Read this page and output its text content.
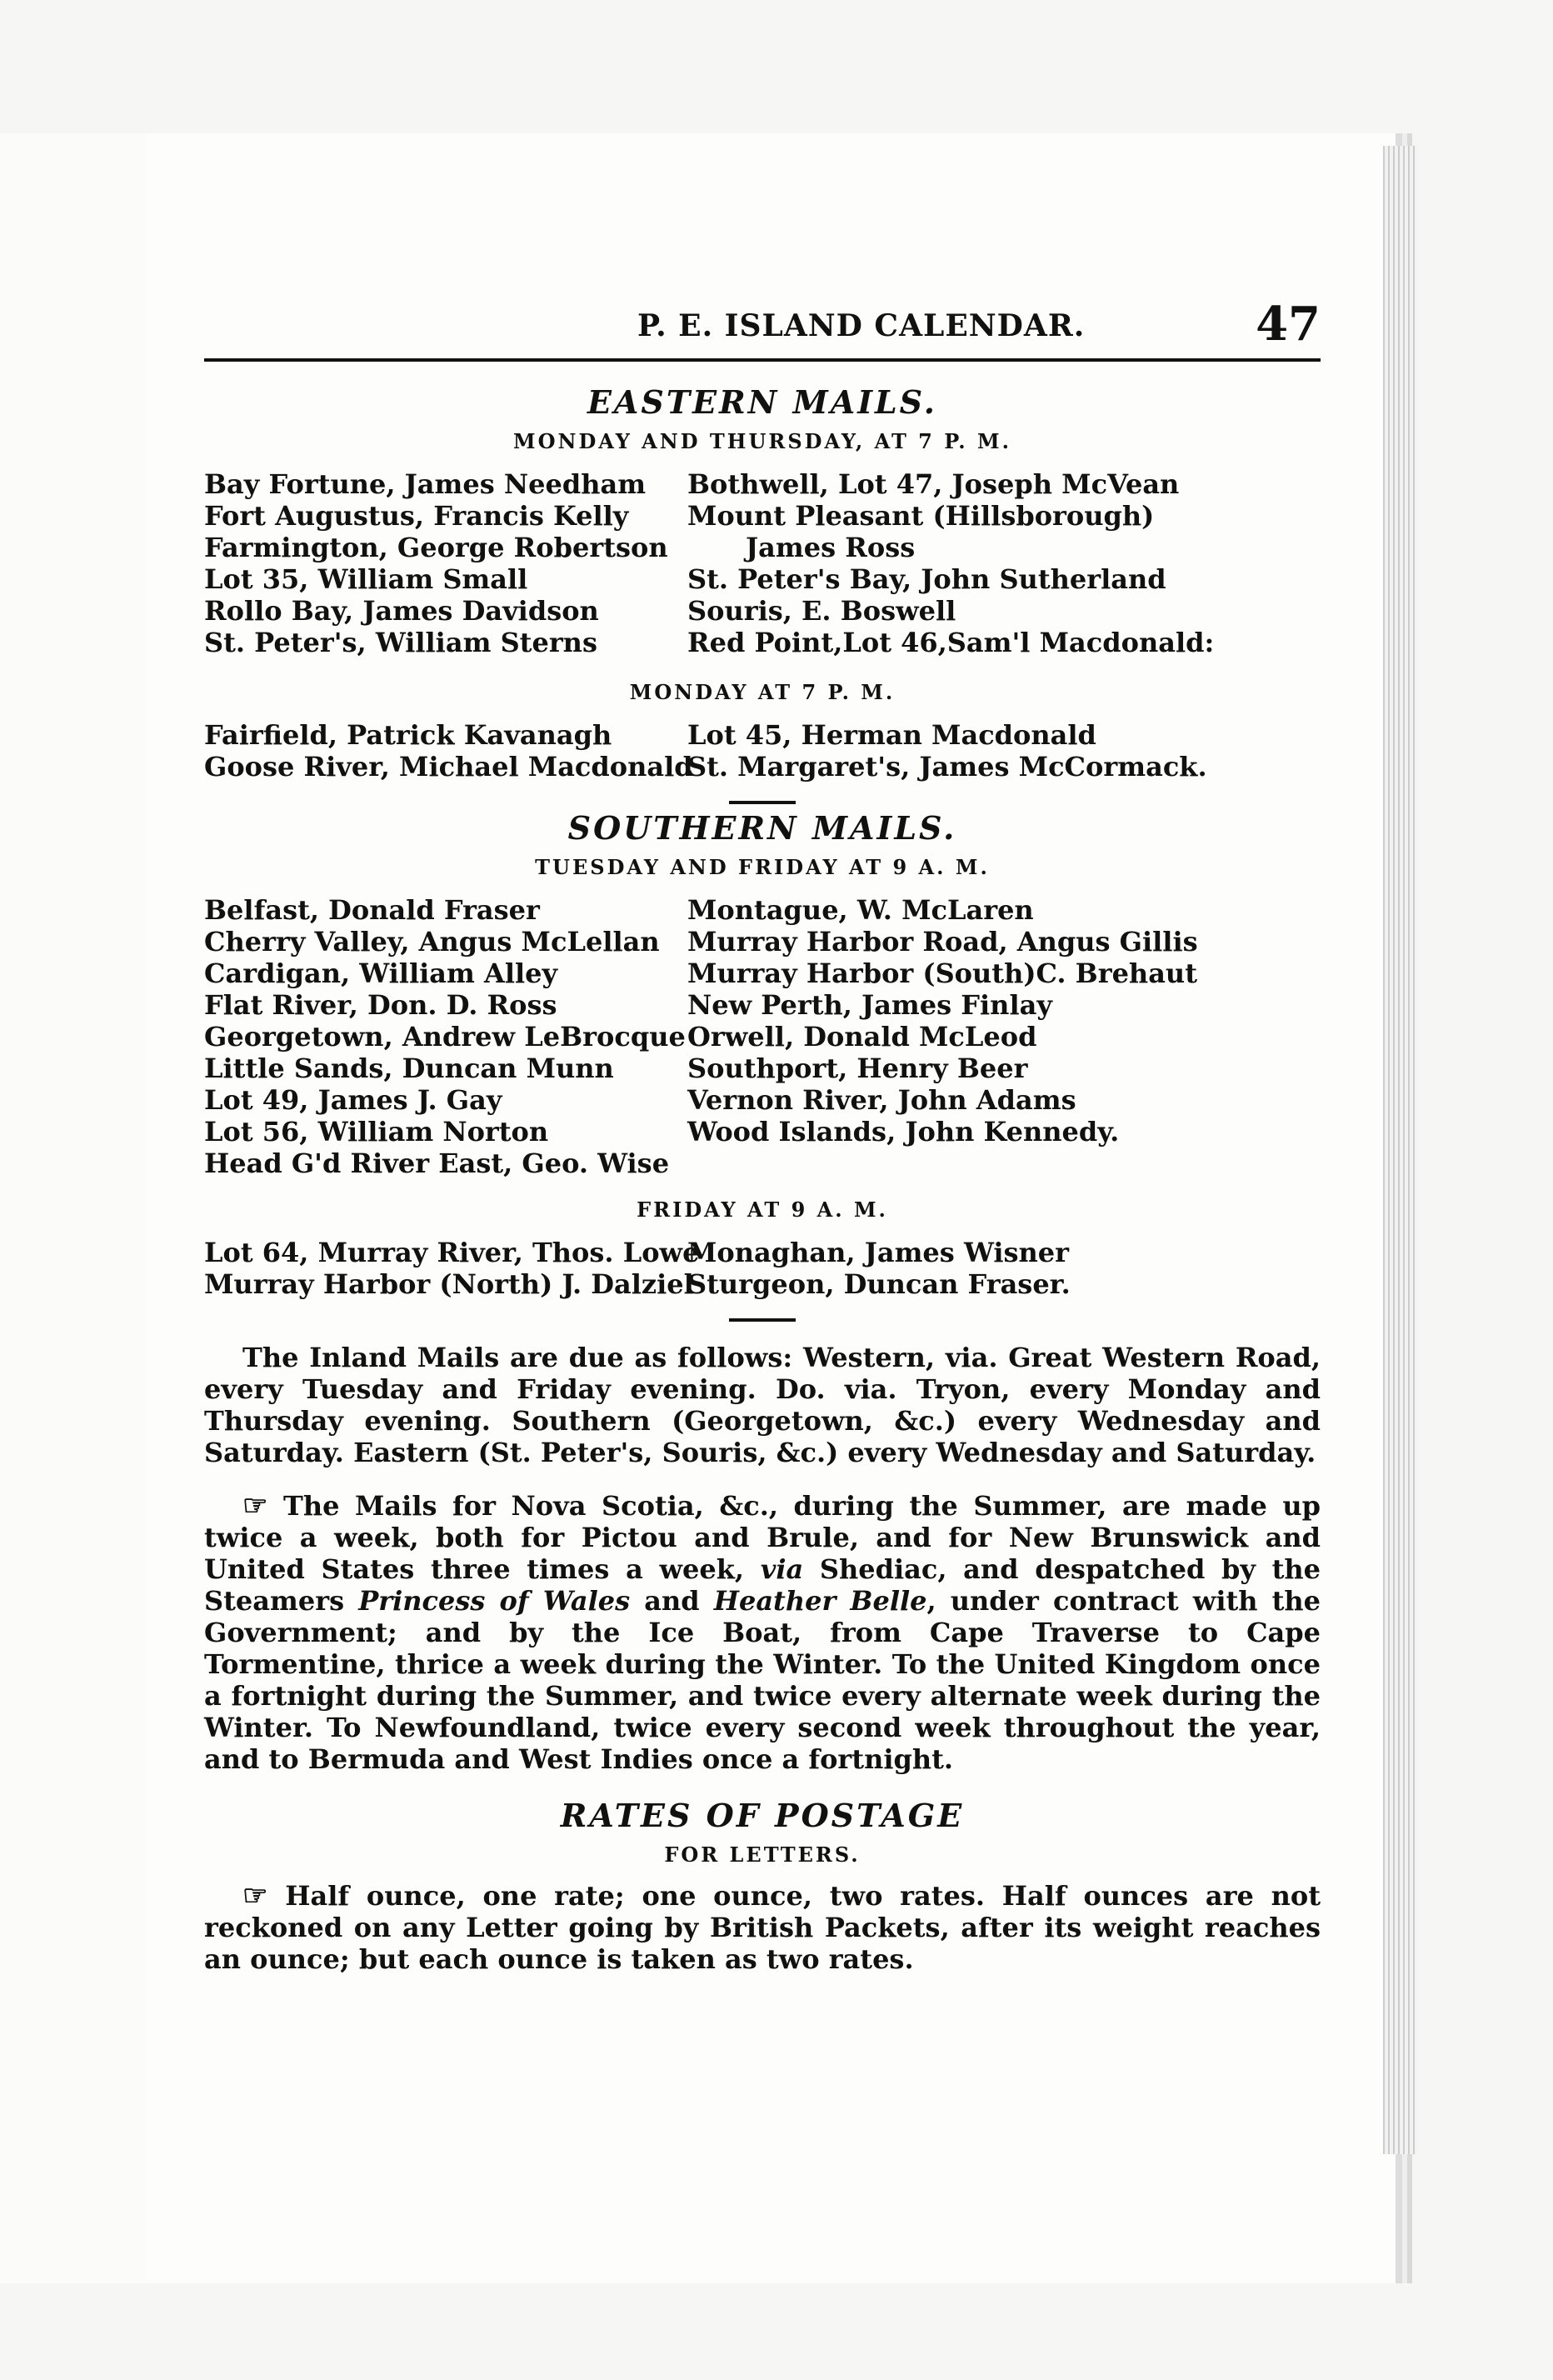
P. E. ISLAND CALENDAR.	47
EASTERN MAILS.
MONDAY AND THURSDAY, AT 7 P. M.
Bay Fortune, James Needham
Fort Augustus, Francis Kelly
Farmington, George Robertson
Lot 35, William Small
Rollo Bay, James Davidson
St. Peter's, William Sterns
Bothwell, Lot 47, Joseph McVean
Mount Pleasant (Hillsborough)
James Ross
St. Peter's Bay, John Sutherland
Souris, E. Boswell
Red Point,Lot 46,Sam'l Macdonald:
MONDAY AT 7 P. M.
Fairfield, Patrick Kavanagh
Goose River, Michael Macdonald
Lot 45, Herman Macdonald
St. Margaret's, James McCormack.
SOUTHERN MAILS.
TUESDAY AND FRIDAY AT 9 A. M.
Belfast, Donald Fraser
Cherry Valley, Angus McLellan
Cardigan, William Alley
Flat River, Don. D. Ross
Georgetown, Andrew LeBrocque
Little Sands, Duncan Munn
Lot 49, James J. Gay
Lot 56, William Norton
Head G'd River East, Geo. Wise
Montague, W. McLaren
Murray Harbor Road, Angus Gillis
Murray Harbor (South)C. Brehaut
New Perth, James Finlay
Orwell, Donald McLeod
Southport, Henry Beer
Vernon River, John Adams
Wood Islands, John Kennedy.
FRIDAY AT 9 A. M.
Lot 64, Murray River, Thos. Lowe
Murray Harbor (North) J. Dalziel
Monaghan, James Wisner
Sturgeon, Duncan Fraser.
The Inland Mails are due as follows: Western, via. Great Western Road, every Tuesday and Friday evening. Do. via. Tryon, every Monday and Thursday evening. Southern (Georgetown, &c.) every Wednesday and Saturday. Eastern (St. Peter's, Souris, &c.) every Wednesday and Saturday.
☞ The Mails for Nova Scotia, &c., during the Summer, are made up twice a week, both for Pictou and Brule, and for New Brunswick and United States three times a week, via Shediac, and despatched by the Steamers Princess of Wales and Heather Belle, under contract with the Government; and by the Ice Boat, from Cape Traverse to Cape Tormentine, thrice a week during the Winter. To the United Kingdom once a fortnight during the Summer, and twice every alternate week during the Winter. To Newfoundland, twice every second week throughout the year, and to Bermuda and West Indies once a fortnight.
RATES OF POSTAGE
FOR LETTERS.
☞ Half ounce, one rate; one ounce, two rates. Half ounces are not reckoned on any Letter going by British Packets, after its weight reaches an ounce; but each ounce is taken as two rates.
